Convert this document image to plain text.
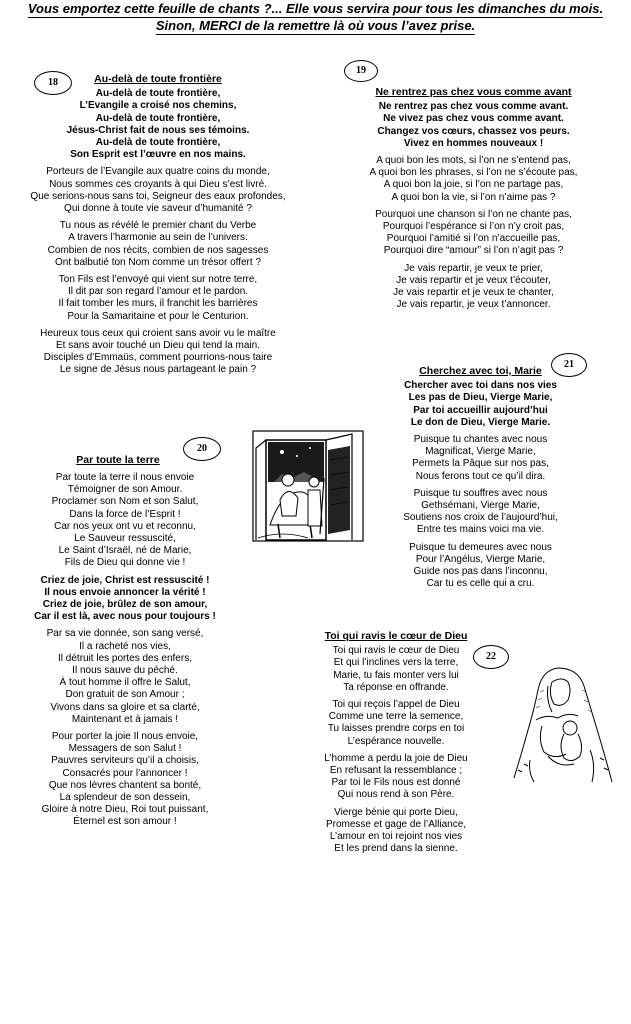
Vous emportez cette feuille de chants ?... Elle vous servira pour tous les dimanches du mois.
Sinon, MERCI de la remettre là où vous l’avez prise.
18	Au-delà de toute frontière
Au-delà de toute frontière,
L’Evangile a croisé nos chemins,
Au-delà de toute frontière,
Jésus-Christ fait de nous ses témoins.
Au-delà de toute frontière,
Son Esprit est l’œuvre en nos mains.
Porteurs de l’Evangile aux quatre coins du monde,
Nous sommes ces croyants à qui Dieu s’est livré.
Que serions-nous sans toi, Seigneur des eaux profondes,
Qui donne à toute vie saveur d’humanité ?
Tu nous as révélé le premier chant du Verbe
A travers l’harmonie au sein de l’univers.
Combien de nos récits, combien de nos sagesses
Ont balbutié ton Nom comme un trésor offert ?
Ton Fils est l’envoyé qui vient sur notre terre,
Il dit par son regard l’amour et le pardon.
Il fait tomber les murs, il franchit les barrières
Pour la Samaritaine et pour le Centurion.
Heureux tous ceux qui croient sans avoir vu le maître
Et sans avoir touché un Dieu qui tend la main.
Disciples d’Emmaüs, comment pourrions-nous taire
Le signe de Jésus nous partageant le pain ?
19
Ne rentrez pas chez vous comme avant
Ne rentrez pas chez vous comme avant.
Ne vivez pas chez vous comme avant.
Changez vos cœurs, chassez vos peurs.
Vivez en hommes nouveaux !
A quoi bon les mots, si l’on ne s’entend pas,
A quoi bon les phrases, si l’on ne s’écoute pas,
A quoi bon la joie, si l’on ne partage pas,
A quoi bon la vie, si l’on n’aime pas ?
Pourquoi une chanson si l’on ne chante pas,
Pourquoi l’espérance si l’on n’y croit pas,
Pourquoi l’amitié si l’on n’accueille pas,
Pourquoi dire “amour” si l’on n’agit pas ?
Je vais repartir, je veux te prier,
Je vais repartir et je veux t’écouter,
Je vais repartir et je veux te chanter,
Je vais repartir, je veux t’annoncer.
20
Par toute la terre
Par toute la terre il nous envoie
Témoigner de son Amour.
Proclamer son Nom et son Salut,
Dans la force de l’Esprit !
Car nos yeux ont vu et reconnu,
Le Sauveur ressuscité,
Le Saint d’Israël, né de Marie,
Fils de Dieu qui donne vie !
Criez de joie, Christ est ressuscité !
Il nous envoie annoncer la vérité !
Criez de joie, brûlez de son amour,
Car il est là, avec nous pour toujours !
Par sa vie donnée, son sang versé,
Il a racheté nos vies,
Il détruit les portes des enfers,
Il nous sauve du péché.
À tout homme il offre le Salut,
Don gratuit de son Amour ;
Vivons dans sa gloire et sa clarté,
Maintenant et à jamais !
Pour porter la joie Il nous envoie,
Messagers de son Salut !
Pauvres serviteurs qu’il a choisis,
Consacrés pour l’annoncer !
Que nos lèvres chantent sa bonté,
La splendeur de son dessein,
Gloire à notre Dieu, Roi tout puissant,
Éternel est son amour !
21
Cherchez avec toi, Marie
Chercher avec toi dans nos vies
Les pas de Dieu, Vierge Marie,
Par toi accueillir aujourd’hui
Le don de Dieu, Vierge Marie.
Puisque tu chantes avec nous
Magnificat, Vierge Marie,
Permets la Pâque sur nos pas,
Nous ferons tout ce qu’il dira.
Puisque tu souffres avec nous
Gethsémani, Vierge Marie,
Soutiens nos croix de l’aujourd’hui,
Entre tes mains voici ma vie.
Puisque tu demeures avec nous
Pour l’Angélus, Vierge Marie,
Guide nos pas dans l’inconnu,
Car tu es celle qui a cru.
22
Toi qui ravis le cœur de Dieu
Toi qui ravis le cœur de Dieu
Et qui l’inclines vers la terre,
Marie, tu fais monter vers lui
Ta réponse en offrande.
Toi qui reçois l’appel de Dieu
Comme une terre la semence,
Tu laisses prendre corps en toi
L’espérance nouvelle.
L’homme a perdu la joie de Dieu
En refusant la ressemblance ;
Par toi le Fils nous est donné
Qui nous rend à son Père.
Vierge bénie qui porte Dieu,
Promesse et gage de l’Alliance,
L’amour en toi rejoint nos vies
Et les prend dans la sienne.
